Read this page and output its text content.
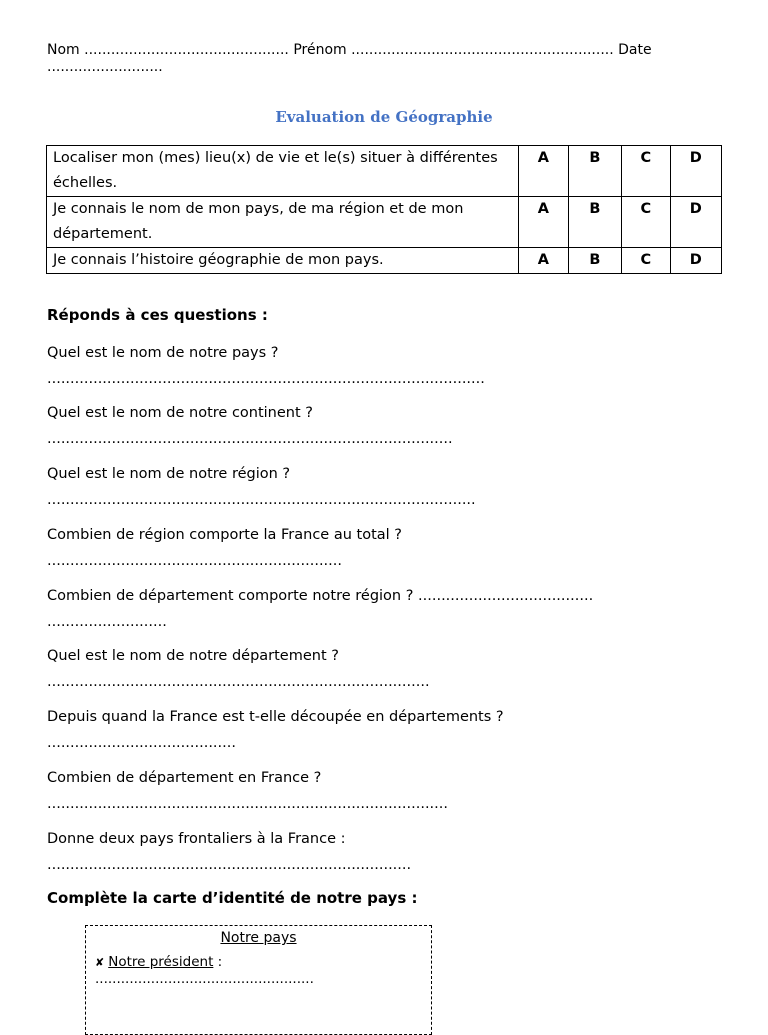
Nom .............................................. Prénom ........................................................... Date ..........................
Evaluation de Géographie
Localiser mon (mes) lieu(x) de vie et le(s) situer à différentes échelles.	A	B	C	D
Je connais le nom de mon pays, de ma région et de mon département.	A	B	C	D
Je connais l’histoire géographie de mon pays.	A	B	C	D
Réponds à ces questions :
Quel est le nom de notre pays ?
...............................................................................................
Quel est le nom de notre continent ?
........................................................................................
Quel est le nom de notre région ?
.............................................................................................
Combien de région comporte la France au total ?
................................................................
Combien de département comporte notre région ? ......................................
..........................
Quel est le nom de notre département ?
...................................................................................
Depuis quand la France est t-elle découpée en départements ?
.........................................
Combien de département en France ?
.......................................................................................
Donne deux pays frontaliers à la France :
...............................................................................
Complète la carte d’identité de notre pays :
Notre pays
✘ Notre président :
...................................................
